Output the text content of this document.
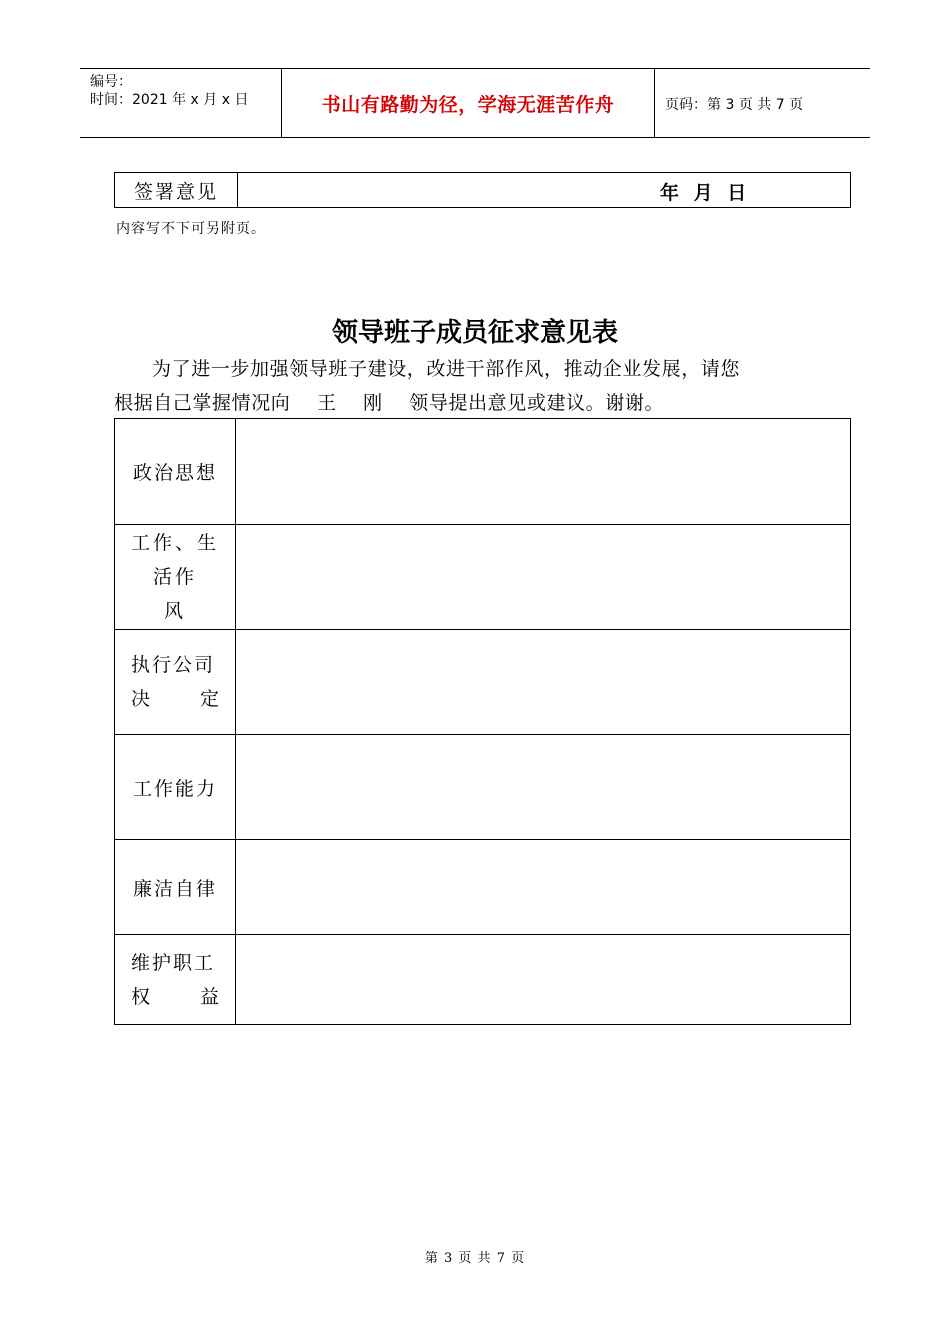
编号：
时间：2021 年 x 月 x 日	书山有路勤为径，学海无涯苦作舟	页码：第 3 页 共 7 页
签署意见	年 月 日
内容写不下可另附页。
领导班子成员征求意见表
为了进一步加强领导班子建设，改进干部作风，推动企业发展，请您
根据自己掌握情况向    王    刚    领导提出意见或建议。谢谢。
政治思想	

工作、生
活作
风	

执行公司
决 定	

工作能力	

廉洁自律	

维护职工
权 益	

第 3 页 共 7 页
